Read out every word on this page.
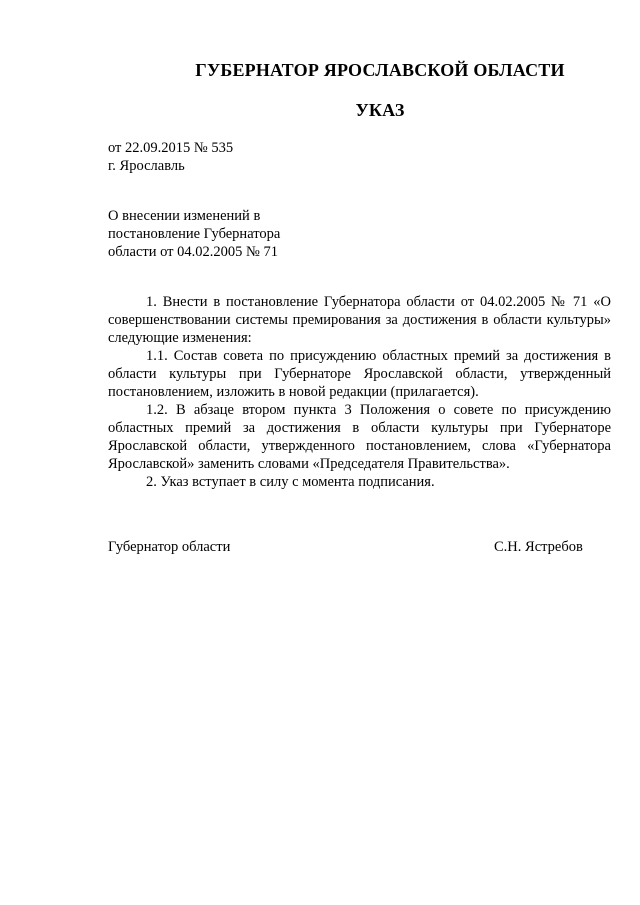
ГУБЕРНАТОР ЯРОСЛАВСКОЙ ОБЛАСТИ
УКАЗ
от 22.09.2015 № 535
г. Ярославль
О внесении изменений в
постановление Губернатора
области от 04.02.2005 № 71

1. Внести в постановление Губернатора области от 04.02.2005 № 71 «О совершенствовании системы премирования за достижения в области культуры» следующие изменения:

1.1. Состав совета по присуждению областных премий за достижения в области культуры при Губернаторе Ярославской области, утвержденный постановлением, изложить в новой редакции (прилагается).

1.2. В абзаце втором пункта 3 Положения о совете по присуждению областных премий за достижения в области культуры при Губернаторе Ярославской области, утвержденного постановлением, слова «Губернатора Ярославской» заменить словами «Председателя Правительства».

2. Указ вступает в силу с момента подписания.

Губернатор области	С.Н. Ястребов
